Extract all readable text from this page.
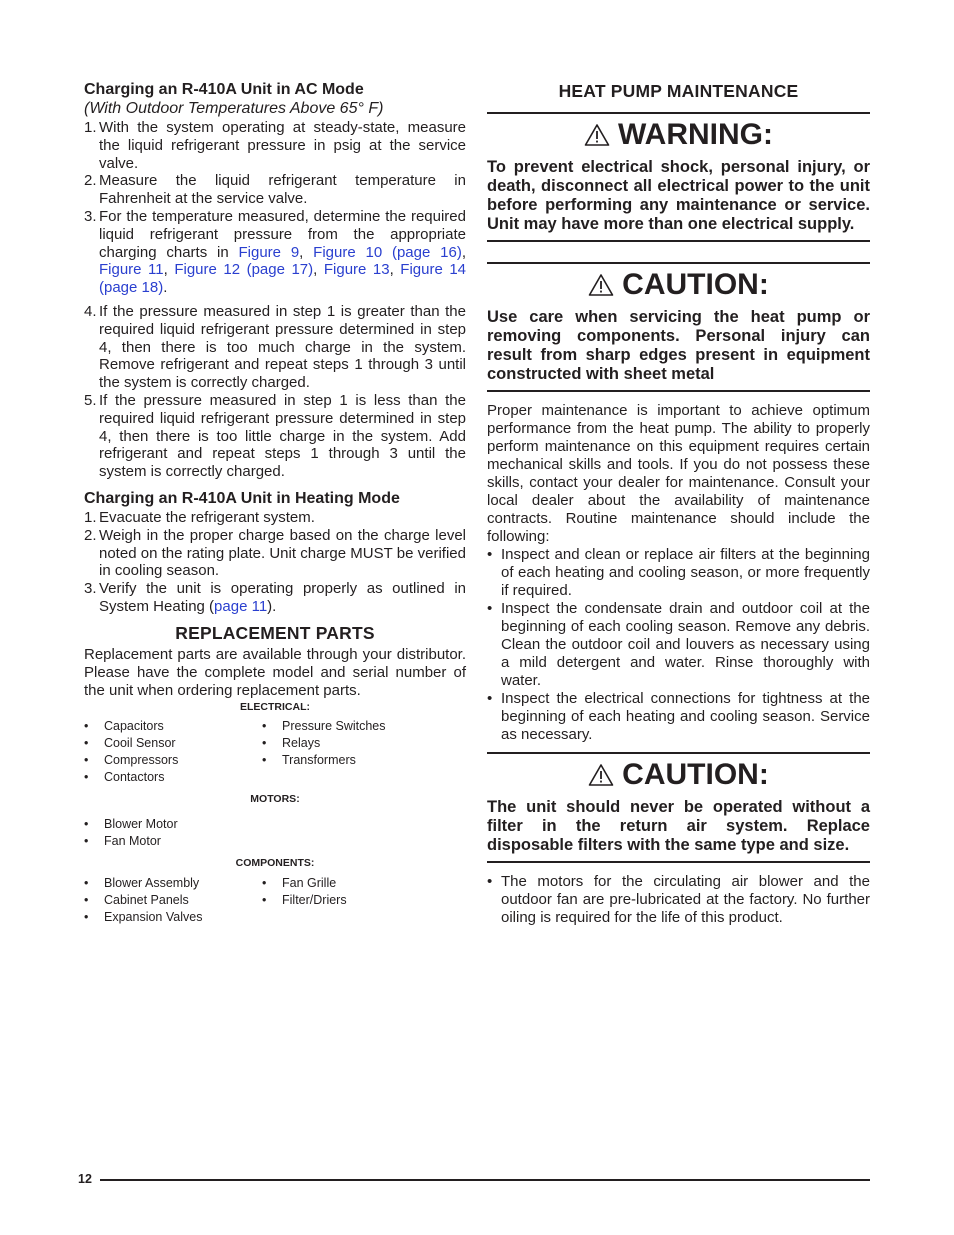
Charging an R-410A Unit in AC Mode
(With Outdoor Temperatures Above 65° F)
1. With the system operating at steady-state, measure the liquid refrigerant pressure in psig at the service valve.
2. Measure the liquid refrigerant temperature in Fahrenheit at the service valve.
3. For the temperature measured, determine the required liquid refrigerant pressure from the appropriate charging charts in Figure 9, Figure 10 (page 16), Figure 11, Figure 12 (page 17), Figure 13, Figure 14 (page 18).
4. If the pressure measured in step 1 is greater than the required liquid refrigerant pressure determined in step 4, then there is too much charge in the system. Remove refrigerant and repeat steps 1 through 3 until the system is correctly charged.
5. If the pressure measured in step 1 is less than the required liquid refrigerant pressure determined in step 4, then there is too little charge in the system. Add refrigerant and repeat steps 1 through 3 until the system is correctly charged.
Charging an R-410A Unit in Heating Mode
1. Evacuate the refrigerant system.
2. Weigh in the proper charge based on the charge level noted on the rating plate. Unit charge MUST be verified in cooling season.
3. Verify the unit is operating properly as outlined in System Heating (page 11).
REPLACEMENT PARTS

Replacement parts are available through your distributor. Please have the complete model and serial number of the unit when ordering replacement parts.

ELECTRICAL:
• Capacitors	• Pressure Switches
• Cooil Sensor	• Relays
• Compressors	• Transformers
• Contactors
MOTORS:
• Blower Motor
• Fan Motor
COMPONENTS:
• Blower Assembly	• Fan Grille
• Cabinet Panels	• Filter/Driers
• Expansion Valves
HEAT PUMP MAINTENANCE
WARNING:
To prevent electrical shock, personal injury, or death, disconnect all electrical power to the unit before performing any maintenance or service. Unit may have more than one electrical supply.
CAUTION:
Use care when servicing the heat pump or removing components. Personal injury can result from sharp edges present in equipment constructed with sheet metal

Proper maintenance is important to achieve optimum performance from the heat pump. The ability to properly perform maintenance on this equipment requires certain mechanical skills and tools. If you do not possess these skills, contact your dealer for maintenance. Consult your local dealer about the availability of maintenance contracts. Routine maintenance should include the following:

• Inspect and clean or replace air filters at the beginning of each heating and cooling season, or more frequently if required.
• Inspect the condensate drain and outdoor coil at the beginning of each cooling season. Remove any debris. Clean the outdoor coil and louvers as necessary using a mild detergent and water. Rinse thoroughly with water.
• Inspect the electrical connections for tightness at the beginning of each heating and cooling season. Service as necessary.
CAUTION:
The unit should never be operated without a filter in the return air system. Replace disposable filters with the same type and size.
• The motors for the circulating air blower and the outdoor fan are pre-lubricated at the factory. No further oiling is required for the life of this product.
12
